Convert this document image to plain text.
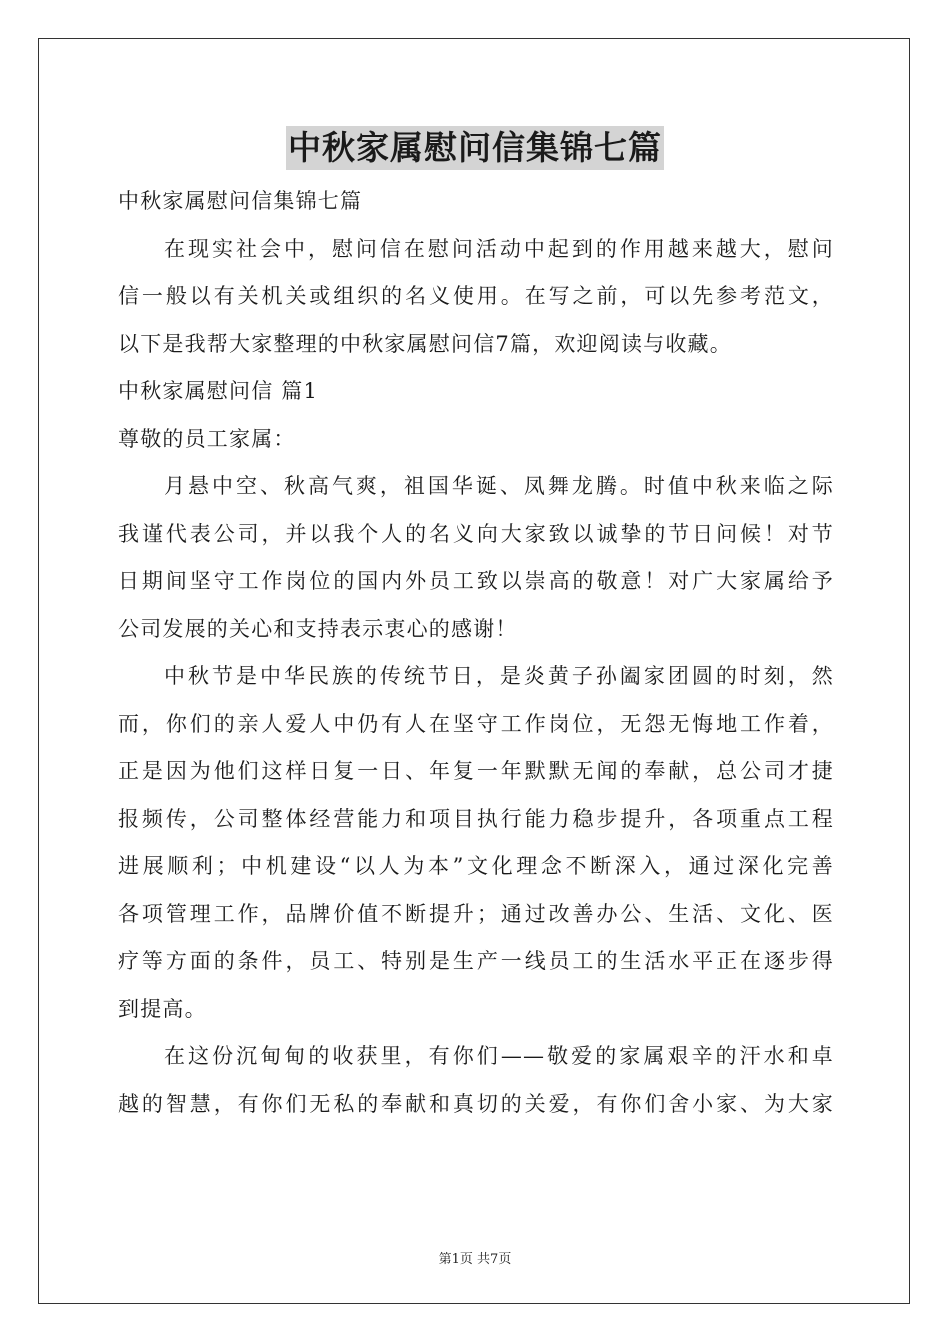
中秋家属慰问信集锦七篇
中秋家属慰问信集锦七篇
在现实社会中，慰问信在慰问活动中起到的作用越来越大，慰问
信一般以有关机关或组织的名义使用。在写之前，可以先参考范文，
以下是我帮大家整理的中秋家属慰问信7篇，欢迎阅读与收藏。
中秋家属慰问信 篇1
尊敬的员工家属：
月悬中空、秋高气爽，祖国华诞、凤舞龙腾。时值中秋来临之际
我谨代表公司，并以我个人的名义向大家致以诚挚的节日问候！对节
日期间坚守工作岗位的国内外员工致以崇高的敬意！对广大家属给予
公司发展的关心和支持表示衷心的感谢！
中秋节是中华民族的传统节日，是炎黄子孙阖家团圆的时刻，然
而，你们的亲人爱人中仍有人在坚守工作岗位，无怨无悔地工作着，
正是因为他们这样日复一日、年复一年默默无闻的奉献，总公司才捷
报频传，公司整体经营能力和项目执行能力稳步提升，各项重点工程
进展顺利；中机建设“以人为本”文化理念不断深入，通过深化完善
各项管理工作，品牌价值不断提升；通过改善办公、生活、文化、医
疗等方面的条件，员工、特别是生产一线员工的生活水平正在逐步得
到提高。
在这份沉甸甸的收获里，有你们——敬爱的家属艰辛的汗水和卓
越的智慧，有你们无私的奉献和真切的关爱，有你们舍小家、为大家
第1页 共7页
